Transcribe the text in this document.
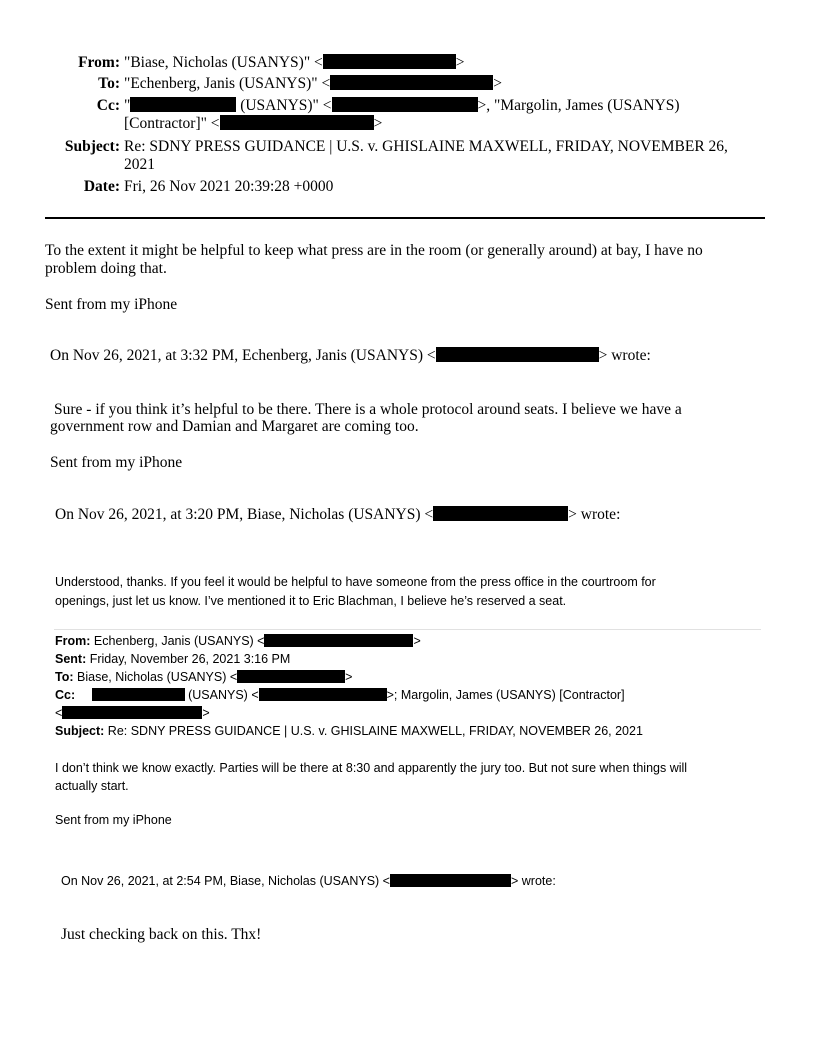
From: "Biase, Nicholas (USANYS)" <	>
To: "Echenberg, Janis (USANYS)" <	>
Cc: "	(USANYS)" <	>, "Margolin, James (USANYS)
[Contractor]" <	>
Subject: Re: SDNY PRESS GUIDANCE | U.S. v. GHISLAINE MAXWELL, FRIDAY, NOVEMBER 26,
2021
Date: Fri, 26 Nov 2021 20:39:28 +0000
To the extent it might be helpful to keep what press are in the room (or generally around) at bay, I have no
problem doing that.
Sent from my iPhone
On Nov 26, 2021, at 3:32 PM, Echenberg, Janis (USANYS) <	> wrote:
Sure - if you think it’s helpful to be there. There is a whole protocol around seats. I believe we have a
government row and Damian and Margaret are coming too.
Sent from my iPhone
On Nov 26, 2021, at 3:20 PM, Biase, Nicholas (USANYS) <	> wrote:
Understood, thanks. If you feel it would be helpful to have someone from the press office in the courtroom for
openings, just let us know. I’ve mentioned it to Eric Blachman, I believe he’s reserved a seat.
From: Echenberg, Janis (USANYS) <	>
Sent: Friday, November 26, 2021 3:16 PM
To: Biase, Nicholas (USANYS) <	>
Cc:	(USANYS) <	>; Margolin, James (USANYS) [Contractor]
<	>
Subject: Re: SDNY PRESS GUIDANCE | U.S. v. GHISLAINE MAXWELL, FRIDAY, NOVEMBER 26, 2021
I don’t think we know exactly. Parties will be there at 8:30 and apparently the jury too. But not sure when things will
actually start.
Sent from my iPhone
On Nov 26, 2021, at 2:54 PM, Biase, Nicholas (USANYS) <	> wrote:
Just checking back on this. Thx!
